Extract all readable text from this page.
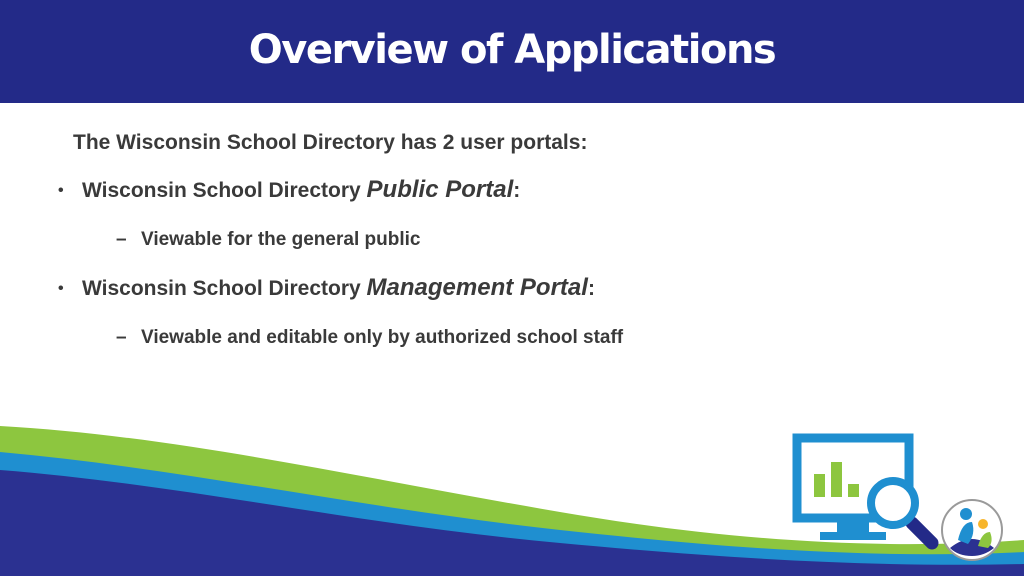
Overview of Applications

The Wisconsin School Directory has 2 user portals:

• Wisconsin School Directory Public Portal:
– Viewable for the general public
• Wisconsin School Directory Management Portal:
– Viewable and editable only by authorized school staff
